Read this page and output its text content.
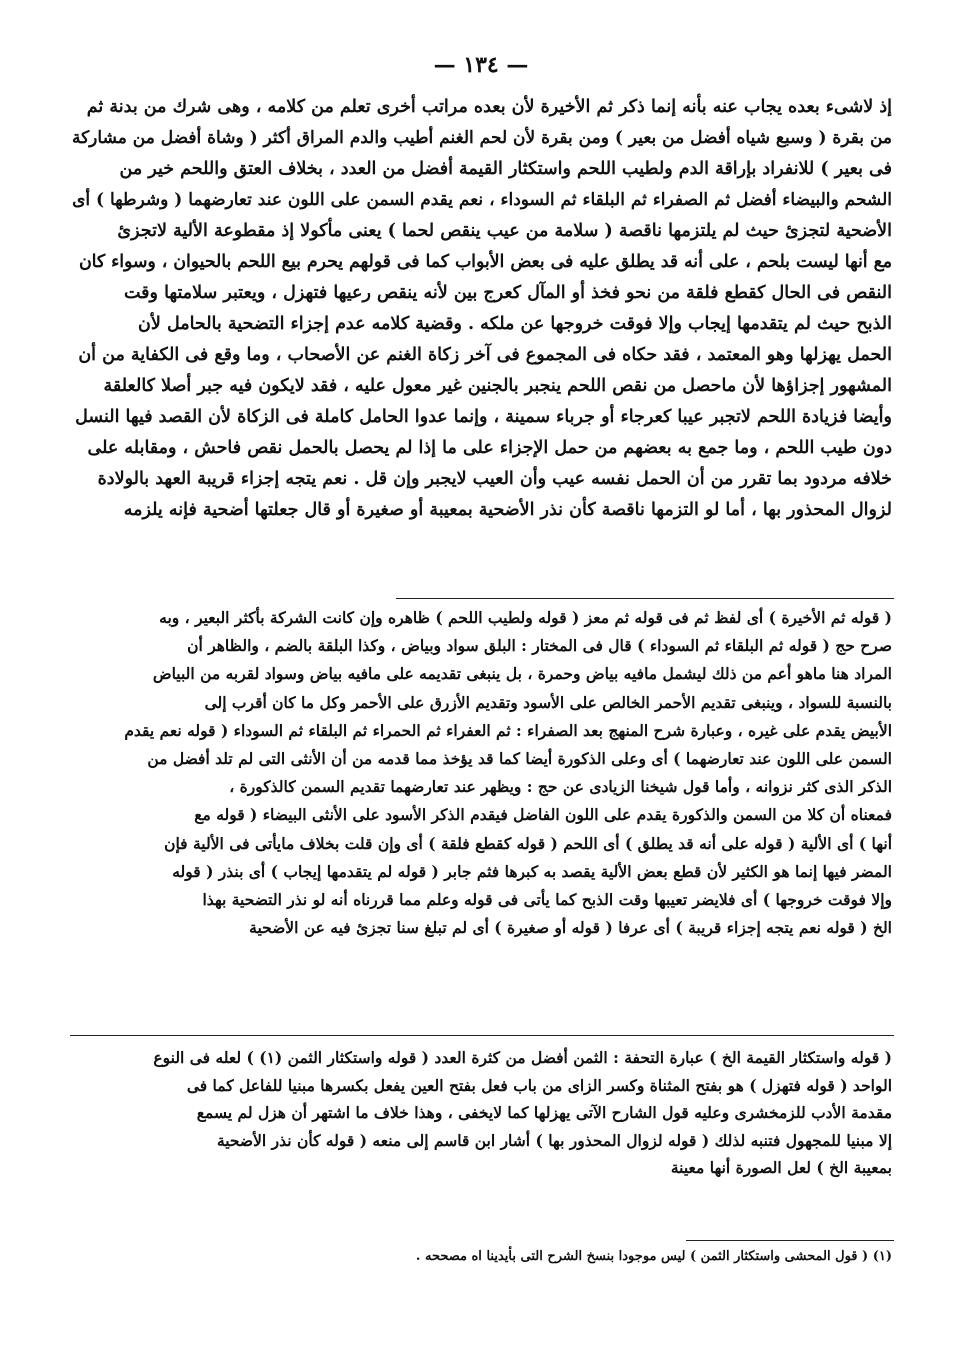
— ١٣٤ —
إذ لاشىء بعده يجاب عنه بأنه إنما ذكر ثم الأخيرة لأن بعده مراتب أخرى تعلم من كلامه ، وهى شرك من بدنة ثم
من بقرة ( وسبع شياه أفضل من بعير ) ومن بقرة لأن لحم الغنم أطيب والدم المراق أكثر ( وشاة أفضل من مشاركة
فى بعير ) للانفراد بإراقة الدم ولطيب اللحم واستكثار القيمة أفضل من العدد ، بخلاف العتق واللحم خير من
الشحم والبيضاء أفضل ثم الصفراء ثم البلقاء ثم السوداء ، نعم يقدم السمن على اللون عند تعارضهما ( وشرطها ) أى
الأضحية لتجزئ حيث لم يلتزمها ناقصة ( سلامة من عيب ينقص لحما ) يعنى مأكولا إذ مقطوعة الألية لاتجزئ
مع أنها ليست بلحم ، على أنه قد يطلق عليه فى بعض الأبواب كما فى قولهم يحرم بيع اللحم بالحيوان ، وسواء كان
النقص فى الحال كقطع فلقة من نحو فخذ أو المآل كعرج بين لأنه ينقص رعيها فتهزل ، ويعتبر سلامتها وقت
الذبح حيث لم يتقدمها إيجاب وإلا فوقت خروجها عن ملكه . وقضية كلامه عدم إجزاء التضحية بالحامل لأن
الحمل يهزلها وهو المعتمد ، فقد حكاه فى المجموع فى آخر زكاة الغنم عن الأصحاب ، وما وقع فى الكفاية من أن
المشهور إجزاؤها لأن ماحصل من نقص اللحم ينجبر بالجنين غير معول عليه ، فقد لايكون فيه جبر أصلا كالعلقة
وأيضا فزيادة اللحم لاتجبر عيبا كعرجاء أو جرباء سمينة ، وإنما عدوا الحامل كاملة فى الزكاة لأن القصد فيها النسل
دون طيب اللحم ، وما جمع به بعضهم من حمل الإجزاء على ما إذا لم يحصل بالحمل نقص فاحش ، ومقابله على
خلافه مردود بما تقرر من أن الحمل نفسه عيب وأن العيب لايجبر وإن قل . نعم يتجه إجزاء قريبة العهد بالولادة
لزوال المحذور بها ، أما لو التزمها ناقصة كأن نذر الأضحية بمعيبة أو صغيرة أو قال جعلتها أضحية فإنه يلزمه
( قوله ثم الأخيرة ) أى لفظ ثم فى قوله ثم معز ( قوله ولطيب اللحم ) ظاهره وإن كانت الشركة بأكثر البعير ، وبه
صرح حج ( قوله ثم البلقاء ثم السوداء ) قال فى المختار : البلق سواد وبياض ، وكذا البلقة بالضم ، والظاهر أن
المراد هنا ماهو أعم من ذلك ليشمل مافيه بياض وحمرة ، بل ينبغى تقديمه على مافيه بياض وسواد لقربه من البياض
بالنسبة للسواد ، وينبغى تقديم الأحمر الخالص على الأسود وتقديم الأزرق على الأحمر وكل ما كان أقرب إلى
الأبيض يقدم على غيره ، وعبارة شرح المنهج بعد الصفراء : ثم العفراء ثم الحمراء ثم البلقاء ثم السوداء ( قوله نعم يقدم
السمن على اللون عند تعارضهما ) أى وعلى الذكورة أيضا كما قد يؤخذ مما قدمه من أن الأنثى التى لم تلد أفضل من
الذكر الذى كثر نزوانه ، وأما قول شيخنا الزيادى عن حج : ويظهر عند تعارضهما تقديم السمن كالذكورة ،
فمعناه أن كلا من السمن والذكورة يقدم على اللون الفاضل فيقدم الذكر الأسود على الأنثى البيضاء ( قوله مع
أنها ) أى الألية ( قوله على أنه قد يطلق ) أى اللحم ( قوله كقطع فلقة ) أى وإن قلت بخلاف مايأتى فى الألية فإن
المضر فيها إنما هو الكثير لأن قطع بعض الألية يقصد به كبرها فثم جابر ( قوله لم يتقدمها إيجاب ) أى بنذر ( قوله
وإلا فوقت خروجها ) أى فلايضر تعيبها وقت الذبح كما يأتى فى قوله وعلم مما قررناه أنه لو نذر التضحية بهذا
الخ ( قوله نعم يتجه إجزاء قريبة ) أى عرفا ( قوله أو صغيرة ) أى لم تبلغ سنا تجزئ فيه عن الأضحية
( قوله واستكثار القيمة الخ ) عبارة التحفة : الثمن أفضل من كثرة العدد ( قوله واستكثار الثمن (١) ) لعله فى النوع
الواحد ( قوله فتهزل ) هو بفتح المثناة وكسر الزاى من باب فعل بفتح العين يفعل بكسرها مبنيا للفاعل كما فى
مقدمة الأدب للزمخشرى وعليه قول الشارح الآتى يهزلها كما لايخفى ، وهذا خلاف ما اشتهر أن هزل لم يسمع
إلا مبنيا للمجهول فتنبه لذلك ( قوله لزوال المحذور بها ) أشار ابن قاسم إلى منعه ( قوله كأن نذر الأضحية
بمعيبة الخ ) لعل الصورة أنها معينة
(١) ( قول المحشى واستكثار الثمن ) ليس موجودا بنسخ الشرح التى بأيدينا اه مصححه .
